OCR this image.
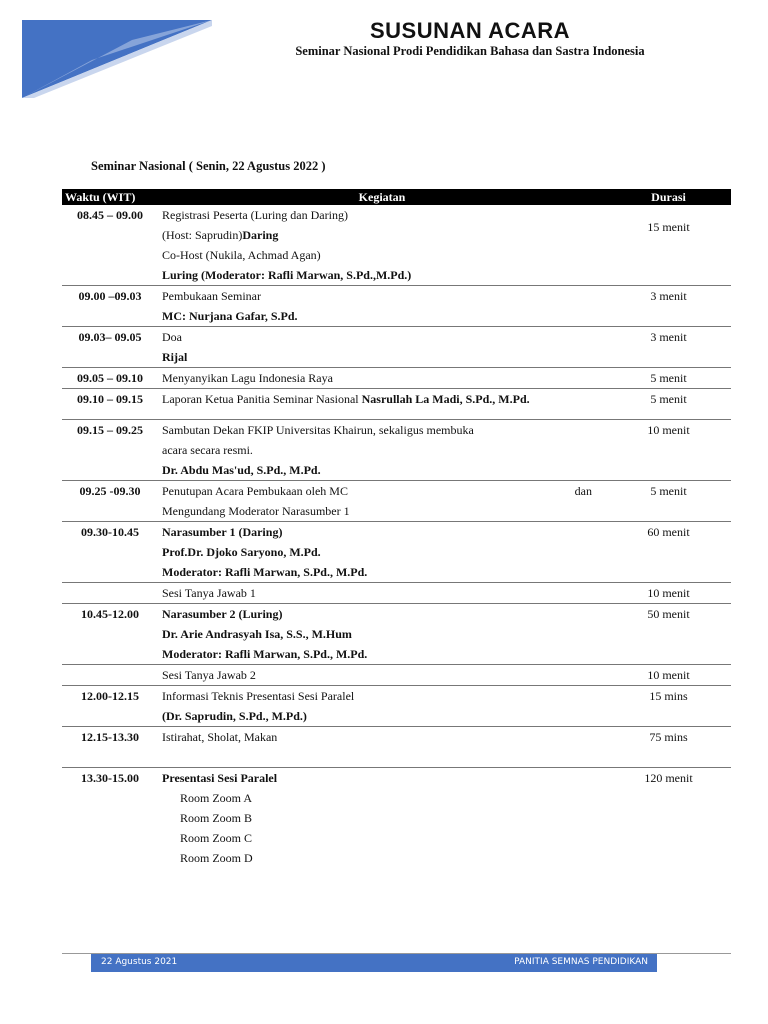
SUSUNAN ACARA
Seminar Nasional Prodi Pendidikan Bahasa dan Sastra Indonesia
Seminar Nasional ( Senin, 22 Agustus 2022 )
Waktu (WIT)	Kegiatan	Durasi
08.45 – 09.00	Registrasi Peserta (Luring dan Daring)
(Host: Saprudin)Daring
Co-Host (Nukila, Achmad Agan)
Luring (Moderator: Rafli Marwan, S.Pd.,M.Pd.)	15 menit
09.00 –09.03	Pembukaan Seminar
MC: Nurjana Gafar, S.Pd.	3 menit
09.03– 09.05	Doa
Rijal	3 menit
09.05 – 09.10	Menyanyikan Lagu Indonesia Raya	5 menit
09.10 – 09.15	Laporan Ketua Panitia Seminar Nasional Nasrullah La Madi, S.Pd., M.Pd.	5 menit
09.15 – 09.25	Sambutan Dekan FKIP Universitas Khairun, sekaligus membuka
acara secara resmi.
Dr. Abdu Mas'ud, S.Pd., M.Pd.	10 menit
09.25 -09.30	Penutupan Acara Pembukaan oleh MC dan
Mengundang Moderator Narasumber 1	5 menit
09.30-10.45	Narasumber 1 (Daring)
Prof.Dr. Djoko Saryono, M.Pd.
Moderator: Rafli Marwan, S.Pd., M.Pd.	60 menit

	Sesi Tanya Jawab 1	10 menit
10.45-12.00	Narasumber 2 (Luring)
Dr. Arie Andrasyah Isa, S.S., M.Hum
Moderator: Rafli Marwan, S.Pd., M.Pd.	50 menit

	Sesi Tanya Jawab 2	10 menit
12.00-12.15	Informasi Teknis Presentasi Sesi Paralel
(Dr. Saprudin, S.Pd., M.Pd.)	15 mins
12.15-13.30	Istirahat, Sholat, Makan	75 mins
13.30-15.00	Presentasi Sesi Paralel
Room Zoom A
Room Zoom B
Room Zoom C
Room Zoom D	120 menit
22 Agustus 2021	PANITIA SEMNAS PENDIDIKAN
